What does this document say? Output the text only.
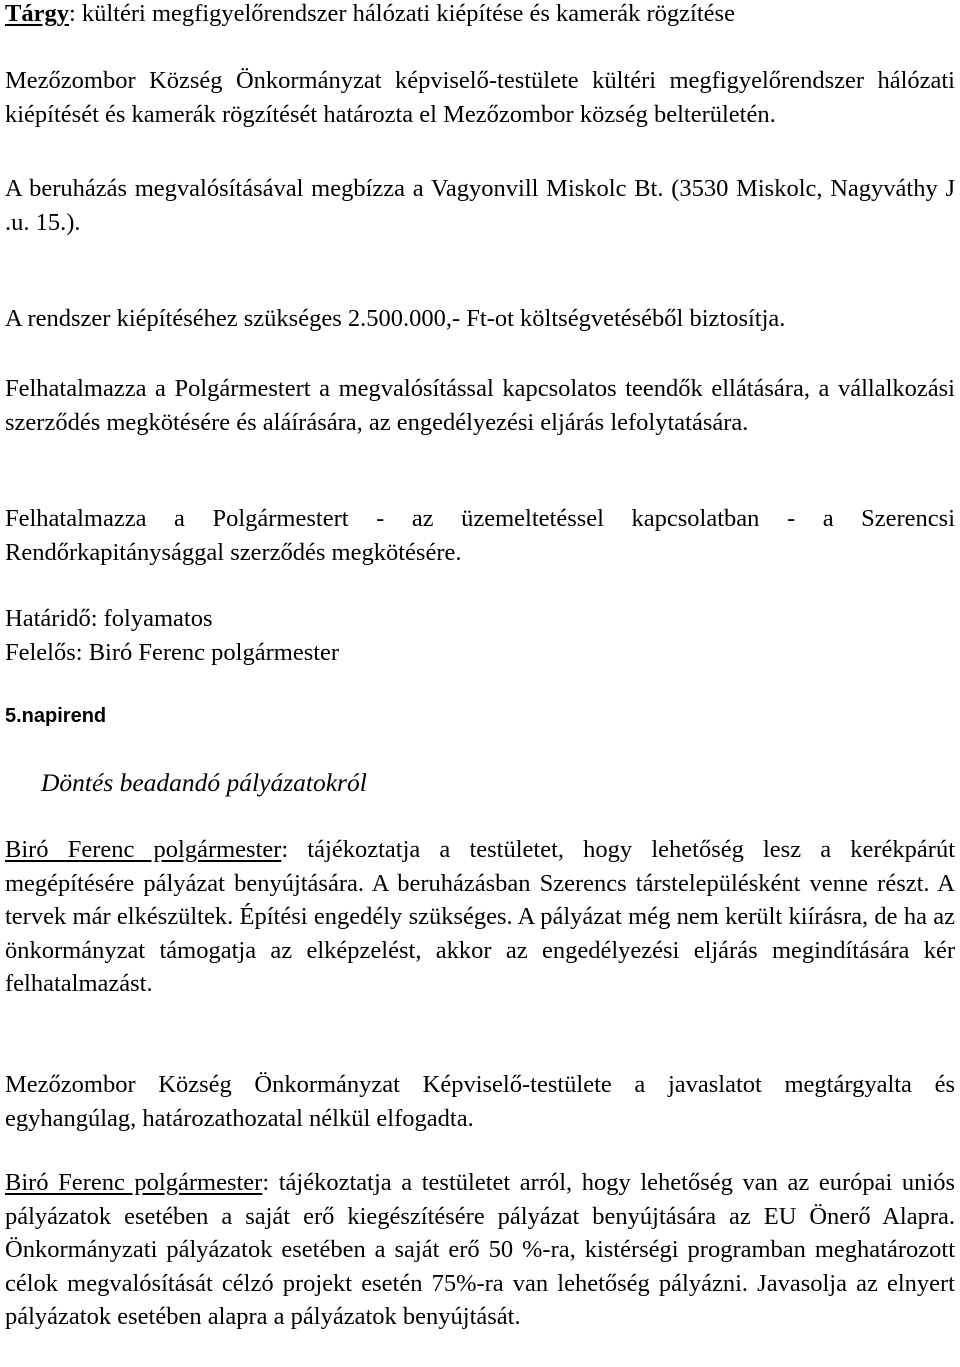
Tárgy: kültéri megfigyelőrendszer hálózati kiépítése és kamerák rögzítése

Mezőzombor Község Önkormányzat képviselő-testülete kültéri megfigyelőrendszer hálózati kiépítését és kamerák rögzítését határozta el Mezőzombor község belterületén.

A beruházás megvalósításával megbízza a Vagyonvill Miskolc Bt. (3530 Miskolc, Nagyváthy J .u. 15.).

A rendszer kiépítéséhez szükséges 2.500.000,- Ft-ot költségvetéséből biztosítja.

Felhatalmazza a Polgármestert a megvalósítással kapcsolatos teendők ellátására, a vállalkozási szerződés megkötésére és aláírására, az engedélyezési eljárás lefolytatására.

Felhatalmazza a Polgármestert - az üzemeltetéssel kapcsolatban - a Szerencsi Rendőrkapitánysággal szerződés megkötésére.

Határidő: folyamatos

Felelős: Biró Ferenc polgármester

5.napirend

Döntés beadandó pályázatokról

Biró Ferenc polgármester: tájékoztatja a testületet, hogy lehetőség lesz a kerékpárút megépítésére pályázat benyújtására. A beruházásban Szerencs társtelepülésként venne részt. A tervek már elkészültek. Építési engedély szükséges. A pályázat még nem került kiírásra, de ha az önkormányzat támogatja az elképzelést, akkor az engedélyezési eljárás megindítására kér felhatalmazást.

Mezőzombor Község Önkormányzat Képviselő-testülete a javaslatot megtárgyalta és egyhangúlag, határozathozatal nélkül elfogadta.

Biró Ferenc polgármester: tájékoztatja a testületet arról, hogy lehetőség van az európai uniós pályázatok esetében a saját erő kiegészítésére pályázat benyújtására az EU Önerő Alapra. Önkormányzati pályázatok esetében a saját erő 50 %-ra, kistérségi programban meghatározott célok megvalósítását célzó projekt esetén 75%-ra van lehetőség pályázni. Javasolja az elnyert pályázatok esetében alapra a pályázatok benyújtását.
